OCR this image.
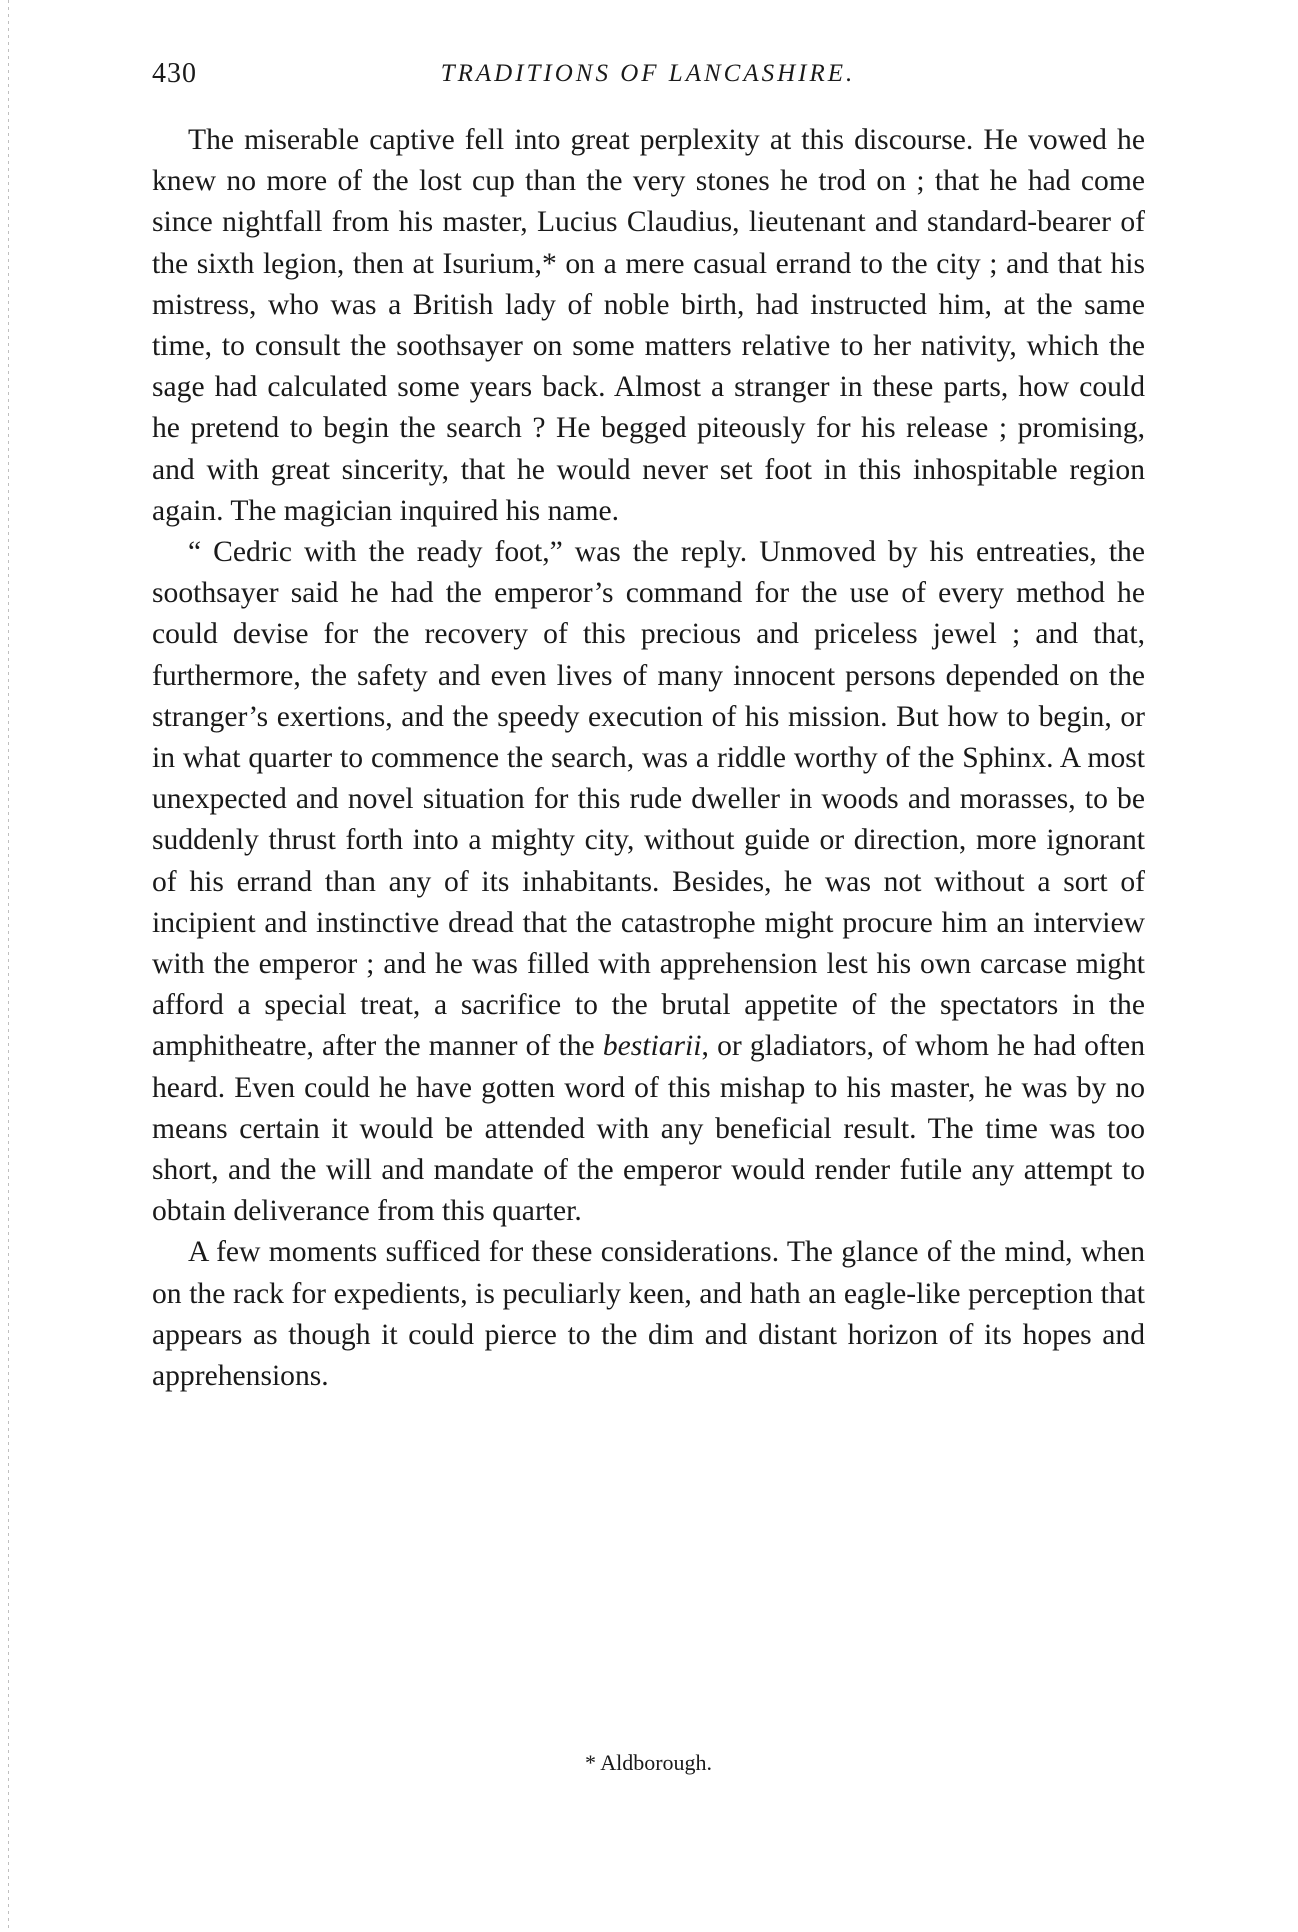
430	TRADITIONS OF LANCASHIRE.

The miserable captive fell into great perplexity at this discourse. He vowed he knew no more of the lost cup than the very stones he trod on ; that he had come since nightfall from his master, Lucius Claudius, lieutenant and standard-bearer of the sixth legion, then at Isurium,* on a mere casual errand to the city ; and that his mistress, who was a British lady of noble birth, had instructed him, at the same time, to consult the soothsayer on some matters relative to her nativity, which the sage had calculated some years back. Almost a stranger in these parts, how could he pretend to begin the search ? He begged piteously for his release ; promising, and with great sincerity, that he would never set foot in this inhospitable region again. The magician inquired his name.

“ Cedric with the ready foot,” was the reply. Unmoved by his entreaties, the soothsayer said he had the emperor’s command for the use of every method he could devise for the recovery of this precious and priceless jewel ; and that, furthermore, the safety and even lives of many innocent persons depended on the stranger’s exertions, and the speedy execution of his mission. But how to begin, or in what quarter to commence the search, was a riddle worthy of the Sphinx. A most unexpected and novel situation for this rude dweller in woods and morasses, to be suddenly thrust forth into a mighty city, without guide or direction, more ignorant of his errand than any of its inhabitants. Besides, he was not without a sort of incipient and instinctive dread that the catastrophe might procure him an interview with the emperor ; and he was filled with apprehension lest his own carcase might afford a special treat, a sacrifice to the brutal appetite of the spectators in the amphitheatre, after the manner of the bestiarii, or gladiators, of whom he had often heard. Even could he have gotten word of this mishap to his master, he was by no means certain it would be attended with any beneficial result. The time was too short, and the will and mandate of the emperor would render futile any attempt to obtain deliverance from this quarter.

A few moments sufficed for these considerations. The glance of the mind, when on the rack for expedients, is peculiarly keen, and hath an eagle-like perception that appears as though it could pierce to the dim and distant horizon of its hopes and apprehensions.

* Aldborough.
